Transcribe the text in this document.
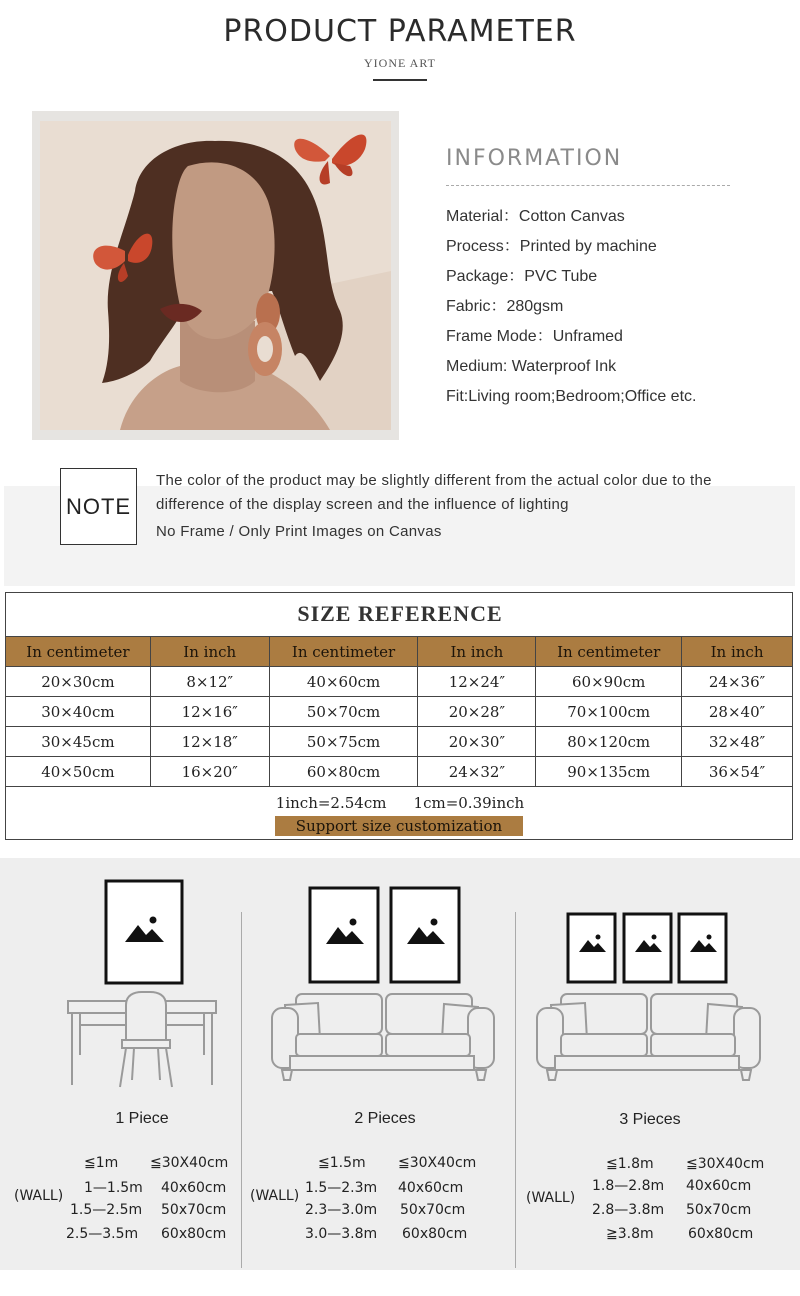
PRODUCT PARAMETER
YIONE ART
INFORMATION
Material：Cotton Canvas
Process：Printed by machine
Package：PVC Tube
Fabric：280gsm
Frame Mode：Unframed
Medium: Waterproof Ink
Fit:Living room;Bedroom;Office etc.
NOTE
The color of the product may be slightly different from the actual color due to the difference of the display screen and the influence of lighting
No Frame / Only Print Images on Canvas
SIZE REFERENCE
In centimeter	In inch	In centimeter	In inch	In centimeter	In inch
20×30cm	8×12″	40×60cm	12×24″	60×90cm	24×36″
30×40cm	12×16″	50×70cm	20×28″	70×100cm	28×40″
30×45cm	12×18″	50×75cm	20×30″	80×120cm	32×48″
40×50cm	16×20″	60×80cm	24×32″	90×135cm	36×54″
1inch=2.54cm    1cm=0.39inch
Support size customization
1 Piece
(WALL)
≦1m ≦30X40cm
1—1.5m 40x60cm
1.5—2.5m 50x70cm
2.5—3.5m 60x80cm
2 Pieces
(WALL)
≦1.5m ≦30X40cm
1.5—2.3m 40x60cm
2.3—3.0m 50x70cm
3.0—3.8m 60x80cm
3 Pieces
(WALL)
≦1.8m ≦30X40cm
1.8—2.8m 40x60cm
2.8—3.8m 50x70cm
≧3.8m 60x80cm
